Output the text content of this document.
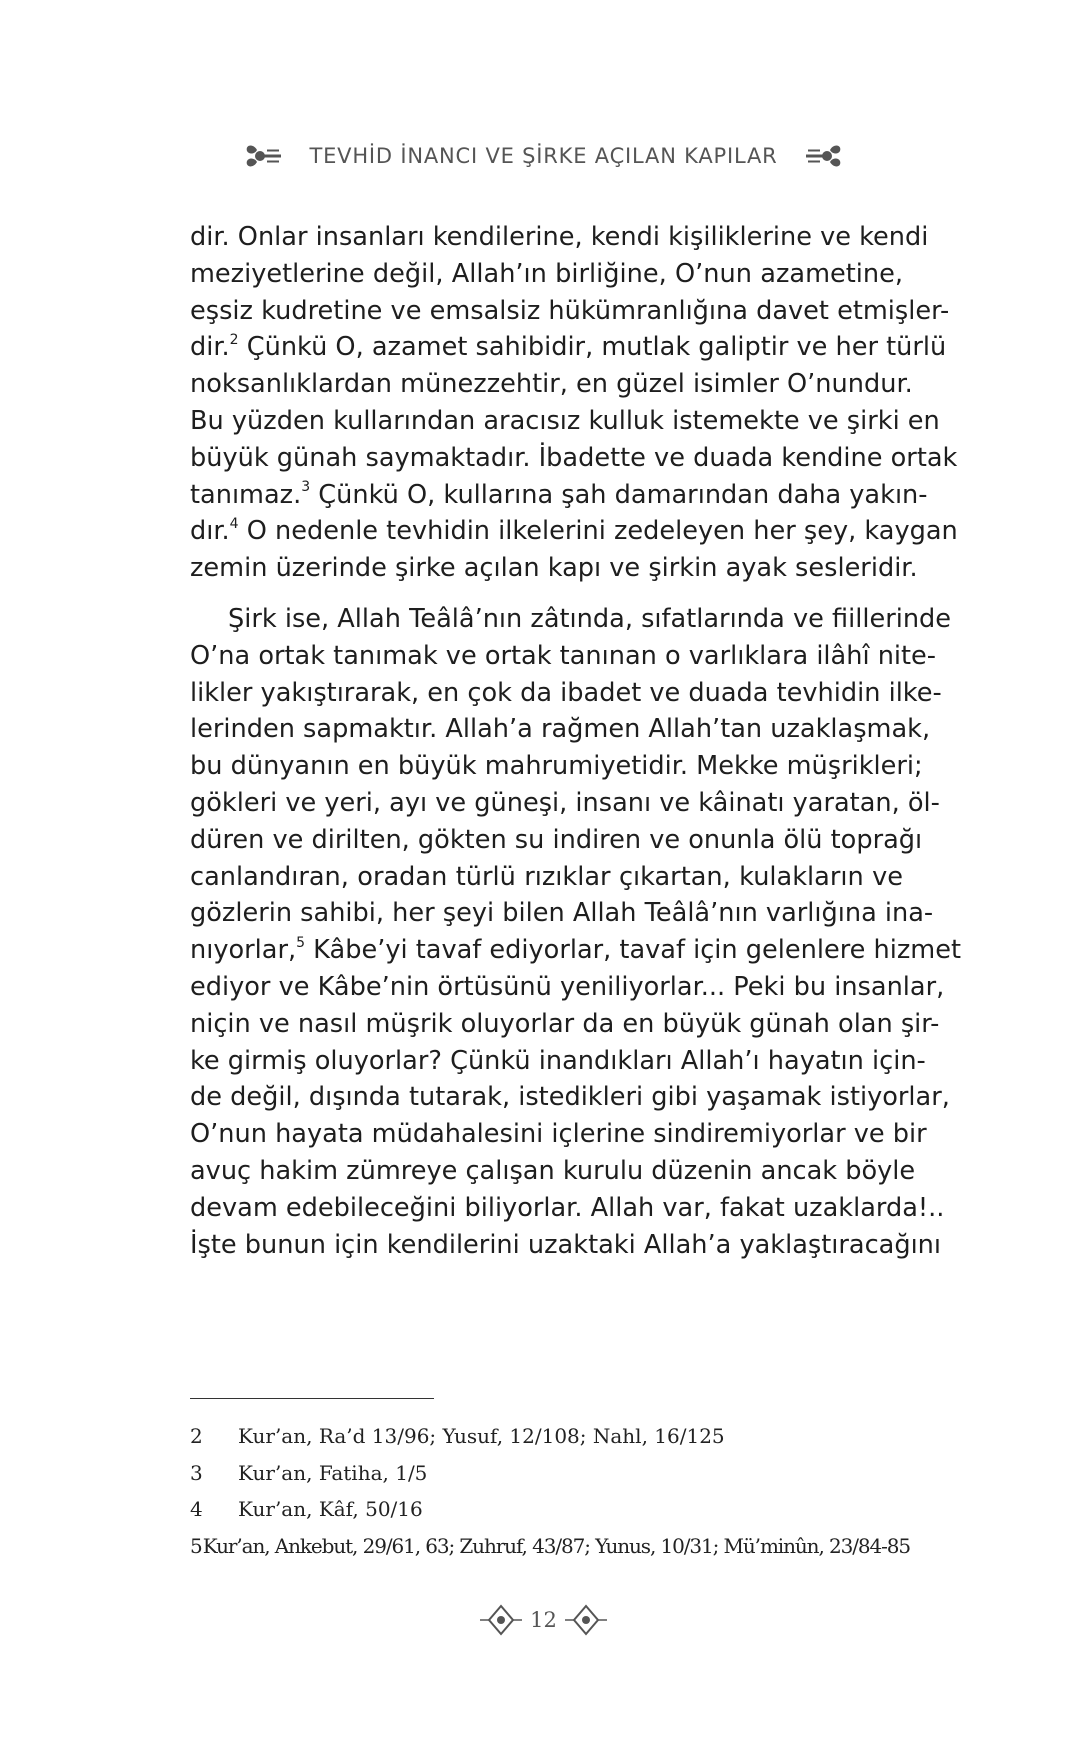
TEVHİD İNANCI VE ŞİRKE AÇILAN KAPILAR
dir. Onlar insanları kendilerine, kendi kişiliklerine ve kendi
meziyetlerine değil, Allah’ın birliğine, O’nun azametine,
eşsiz kudretine ve emsalsiz hükümranlığına davet etmişler-
dir.$^2$ Çünkü O, azamet sahibidir, mutlak galiptir ve her türlü
noksanlıklardan münezzehtir, en güzel isimler O’nundur.
Bu yüzden kullarından aracısız kulluk istemekte ve şirki en
büyük günah saymaktadır. İbadette ve duada kendine ortak
tanımaz.$^3$ Çünkü O, kullarına şah damarından daha yakın-
dır.$^4$ O nedenle tevhidin ilkelerini zedeleyen her şey, kaygan
zemin üzerinde şirke açılan kapı ve şirkin ayak sesleridir.
Şirk ise, Allah Teâlâ’nın zâtında, sıfatlarında ve fiillerinde
O’na ortak tanımak ve ortak tanınan o varlıklara ilâhî nite-
likler yakıştırarak, en çok da ibadet ve duada tevhidin ilke-
lerinden sapmaktır. Allah’a rağmen Allah’tan uzaklaşmak,
bu dünyanın en büyük mahrumiyetidir. Mekke müşrikleri;
gökleri ve yeri, ayı ve güneşi, insanı ve kâinatı yaratan, öl-
düren ve dirilten, gökten su indiren ve onunla ölü toprağı
canlandıran, oradan türlü rızıklar çıkartan, kulakların ve
gözlerin sahibi, her şeyi bilen Allah Teâlâ’nın varlığına ina-
nıyorlar,$^5$ Kâbe’yi tavaf ediyorlar, tavaf için gelenlere hizmet
ediyor ve Kâbe’nin örtüsünü yeniliyorlar... Peki bu insanlar,
niçin ve nasıl müşrik oluyorlar da en büyük günah olan şir-
ke girmiş oluyorlar? Çünkü inandıkları Allah’ı hayatın için-
de değil, dışında tutarak, istedikleri gibi yaşamak istiyorlar,
O’nun hayata müdahalesini içlerine sindiremiyorlar ve bir
avuç hakim zümreye çalışan kurulu düzenin ancak böyle
devam edebileceğini biliyorlar. Allah var, fakat uzaklarda!..
İşte bunun için kendilerini uzaktaki Allah’a yaklaştıracağını
2	Kur’an, Ra’d 13/96; Yusuf, 12/108; Nahl, 16/125
3	Kur’an, Fatiha, 1/5
4	Kur’an, Kâf, 50/16
5 Kur’an, Ankebut, 29/61, 63; Zuhruf, 43/87; Yunus, 10/31; Mü’minûn, 23/84-85
12
